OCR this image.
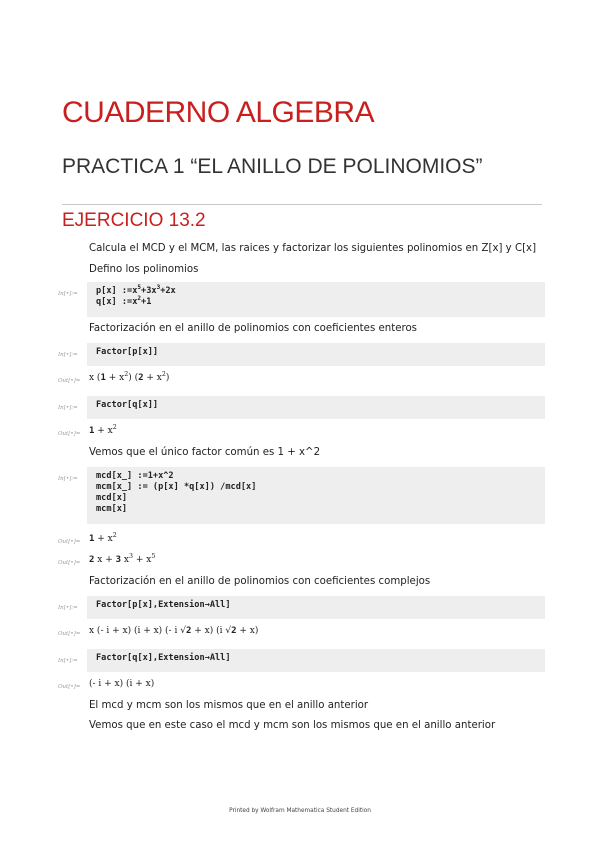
CUADERNO ALGEBRA
PRACTICA 1 “EL ANILLO DE POLINOMIOS”
EJERCICIO 13.2
Calcula el MCD y el MCM, las raices y factorizar los siguientes polinomios en Z[x] y C[x]
Defino los polinomios
In[•]:= p[x] $:=x^5+3x^3+2x$
q[x] $:=x^2+1$
Factorización en el anillo de polinomios con coeficientes enteros
In[•]:= Factor[p[x]]
Out[•]= x $(1 + x^2)$ $(2 + x^2)$
In[•]:= Factor[q[x]]
Out[•]= $1 + x^2$
Vemos que el único factor común es 1 + x^2
In[•]:= mcd[x_] :=1+x^2
mcm[x_] := (p[x] *q[x]) /mcd[x]
mcd[x]
mcm[x]
Out[•]= $1 + x^2$
Out[•]= 2 x + 3 $x^3 + x^5$
Factorización en el anillo de polinomios con coeficientes complejos
In[•]:= Factor[p[x],Extension→All]
Out[•]= x (- i + x) (i + x) (- i √2 + x) (i √2 + x)
In[•]:= Factor[q[x],Extension→All]
Out[•]= (- i + x) (i + x)
El mcd y mcm son los mismos que en el anillo anterior
Vemos que en este caso el mcd y mcm son los mismos que en el anillo anterior
Printed by Wolfram Mathematica Student Edition
